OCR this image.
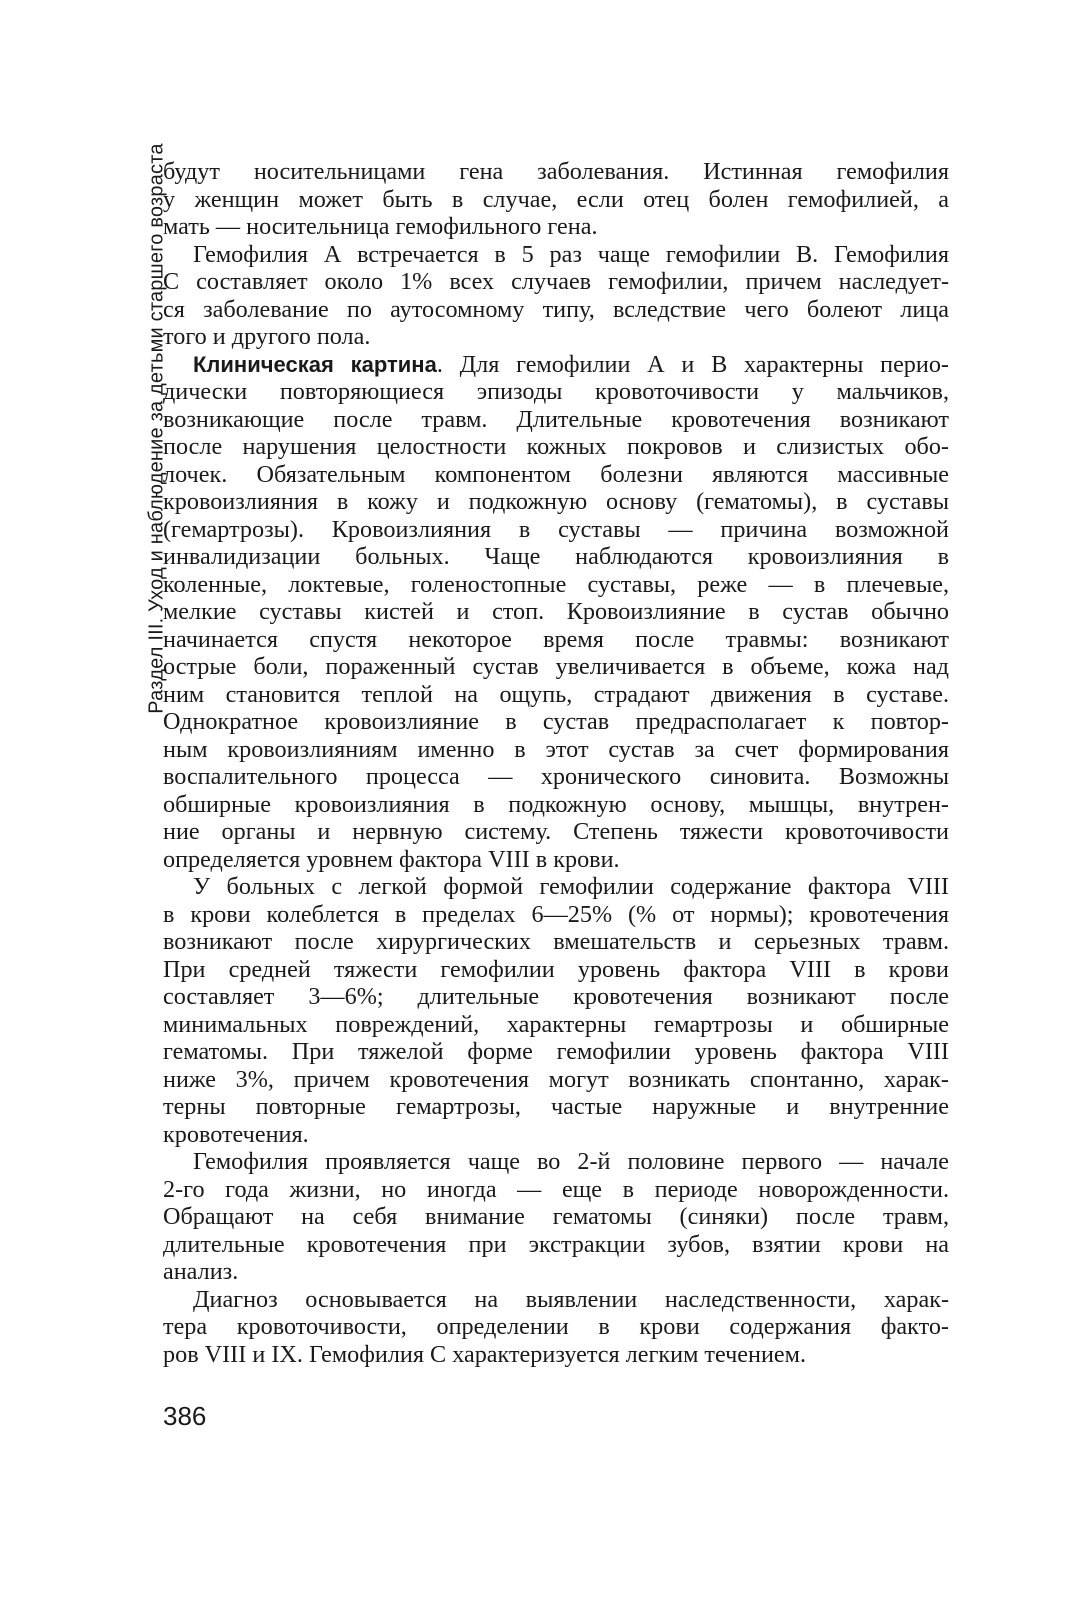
Раздел III. Уход и наблюдение за детьми старшего возраста
будут носительницами гена заболевания. Истинная гемофилия
у женщин может быть в случае, если отец болен гемофилией, а
мать — носительница гемофильного гена.
Гемофилия А встречается в 5 раз чаще гемофилии В. Гемофилия
С составляет около 1% всех случаев гемофилии, причем наследует-
ся заболевание по аутосомному типу, вследствие чего болеют лица
того и другого пола.
Клиническая картина. Для гемофилии А и В характерны перио-
дически повторяющиеся эпизоды кровоточивости у мальчиков,
возникающие после травм. Длительные кровотечения возникают
после нарушения целостности кожных покровов и слизистых обо-
лочек. Обязательным компонентом болезни являются массивные
кровоизлияния в кожу и подкожную основу (гематомы), в суставы
(гемартрозы). Кровоизлияния в суставы — причина возможной
инвалидизации больных. Чаще наблюдаются кровоизлияния в
коленные, локтевые, голеностопные суставы, реже — в плечевые,
мелкие суставы кистей и стоп. Кровоизлияние в сустав обычно
начинается спустя некоторое время после травмы: возникают
острые боли, пораженный сустав увеличивается в объеме, кожа над
ним становится теплой на ощупь, страдают движения в суставе.
Однократное кровоизлияние в сустав предрасполагает к повтор-
ным кровоизлияниям именно в этот сустав за счет формирования
воспалительного процесса — хронического синовита. Возможны
обширные кровоизлияния в подкожную основу, мышцы, внутрен-
ние органы и нервную систему. Степень тяжести кровоточивости
определяется уровнем фактора VIII в крови.
У больных с легкой формой гемофилии содержание фактора VIII
в крови колеблется в пределах 6—25% (% от нормы); кровотечения
возникают после хирургических вмешательств и серьезных травм.
При средней тяжести гемофилии уровень фактора VIII в крови
составляет 3—6%; длительные кровотечения возникают после
минимальных повреждений, характерны гемартрозы и обширные
гематомы. При тяжелой форме гемофилии уровень фактора VIII
ниже 3%, причем кровотечения могут возникать спонтанно, харак-
терны повторные гемартрозы, частые наружные и внутренние
кровотечения.
Гемофилия проявляется чаще во 2-й половине первого — начале
2-го года жизни, но иногда — еще в периоде новорожденности.
Обращают на себя внимание гематомы (синяки) после травм,
длительные кровотечения при экстракции зубов, взятии крови на
анализ.
Диагноз основывается на выявлении наследственности, харак-
тера кровоточивости, определении в крови содержания факто-
ров VIII и IX. Гемофилия С характеризуется легким течением.
386
